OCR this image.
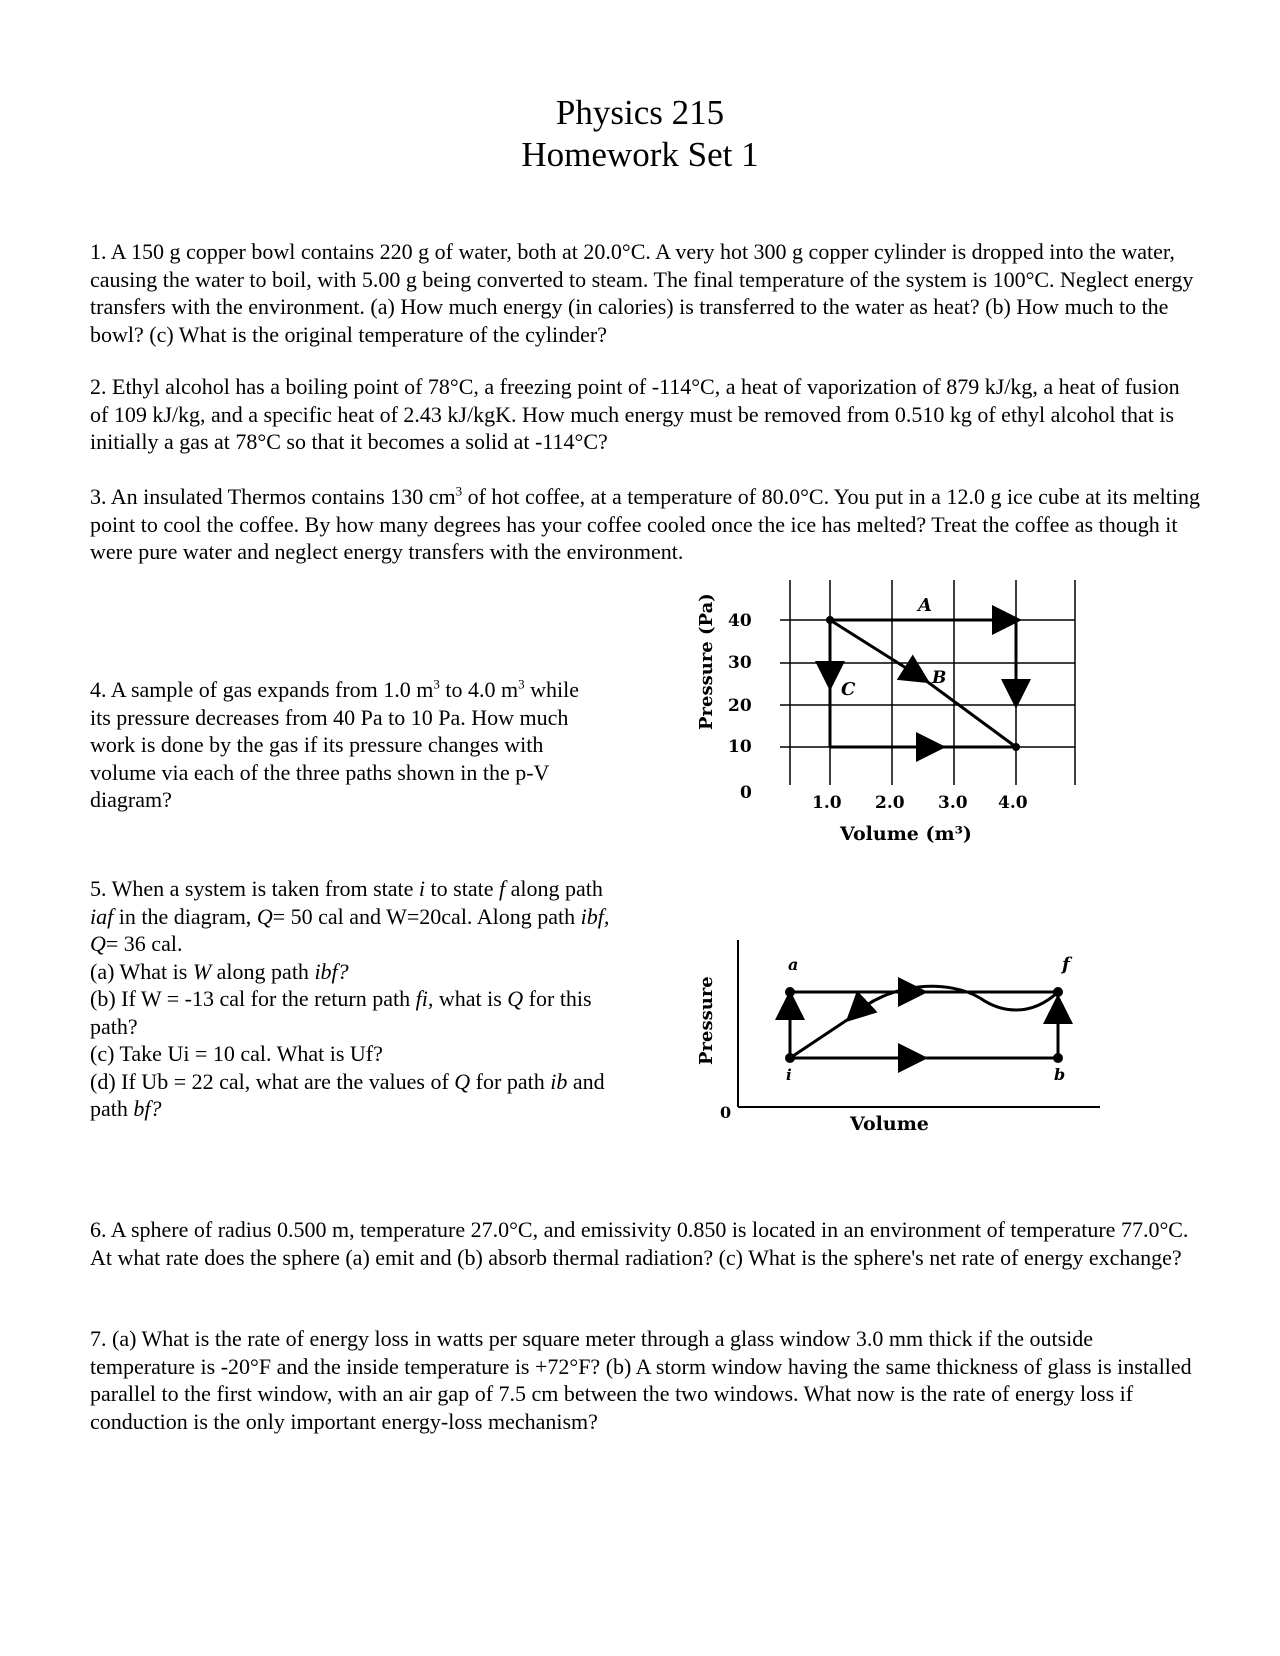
Physics 215
Homework Set 1
1. A 150 g copper bowl contains 220 g of water, both at 20.0°C. A very hot 300 g copper cylinder is dropped into the water, causing the water to boil, with 5.00 g being converted to steam. The final temperature of the system is 100°C. Neglect energy transfers with the environment. (a) How much energy (in calories) is transferred to the water as heat? (b) How much to the bowl? (c) What is the original temperature of the cylinder?
2. Ethyl alcohol has a boiling point of 78°C, a freezing point of -114°C, a heat of vaporization of 879 kJ/kg, a heat of fusion of 109 kJ/kg, and a specific heat of 2.43 kJ/kgK. How much energy must be removed from 0.510 kg of ethyl alcohol that is initially a gas at 78°C so that it becomes a solid at -114°C?
3. An insulated Thermos contains 130 $cm^3$ of hot coffee, at a temperature of 80.0°C. You put in a 12.0 g ice cube at its melting point to cool the coffee. By how many degrees has your coffee cooled once the ice has melted? Treat the coffee as though it were pure water and neglect energy transfers with the environment.
4. A sample of gas expands from 1.0 $m^3$ to 4.0 $m^3$ while its pressure decreases from 40 Pa to 10 Pa. How much work is done by the gas if its pressure changes with volume via each of the three paths shown in the p-V diagram?
5. When a system is taken from state i to state f along path iaf in the diagram, Q= 50 cal and W=20cal. Along path ibf, Q= 36 cal.
(a) What is W along path ibf?
(b) If W = -13 cal for the return path fi, what is Q for this path?
(c) Take Ui = 10 cal. What is Uf?
(d) If Ub = 22 cal, what are the values of Q for path ib and path bf?
A
B
C
40
30
20
10
0	1.0 2.0 3.0 4.0
Volume (m³)
Pressure (Pa)
a	f
i	b
0
Volume
Pressure
6. A sphere of radius 0.500 m, temperature 27.0°C, and emissivity 0.850 is located in an environment of temperature 77.0°C. At what rate does the sphere (a) emit and (b) absorb thermal radiation? (c) What is the sphere's net rate of energy exchange?
7. (a) What is the rate of energy loss in watts per square meter through a glass window 3.0 mm thick if the outside temperature is -20°F and the inside temperature is +72°F? (b) A storm window having the same thickness of glass is installed parallel to the first window, with an air gap of 7.5 cm between the two windows. What now is the rate of energy loss if conduction is the only important energy-loss mechanism?
